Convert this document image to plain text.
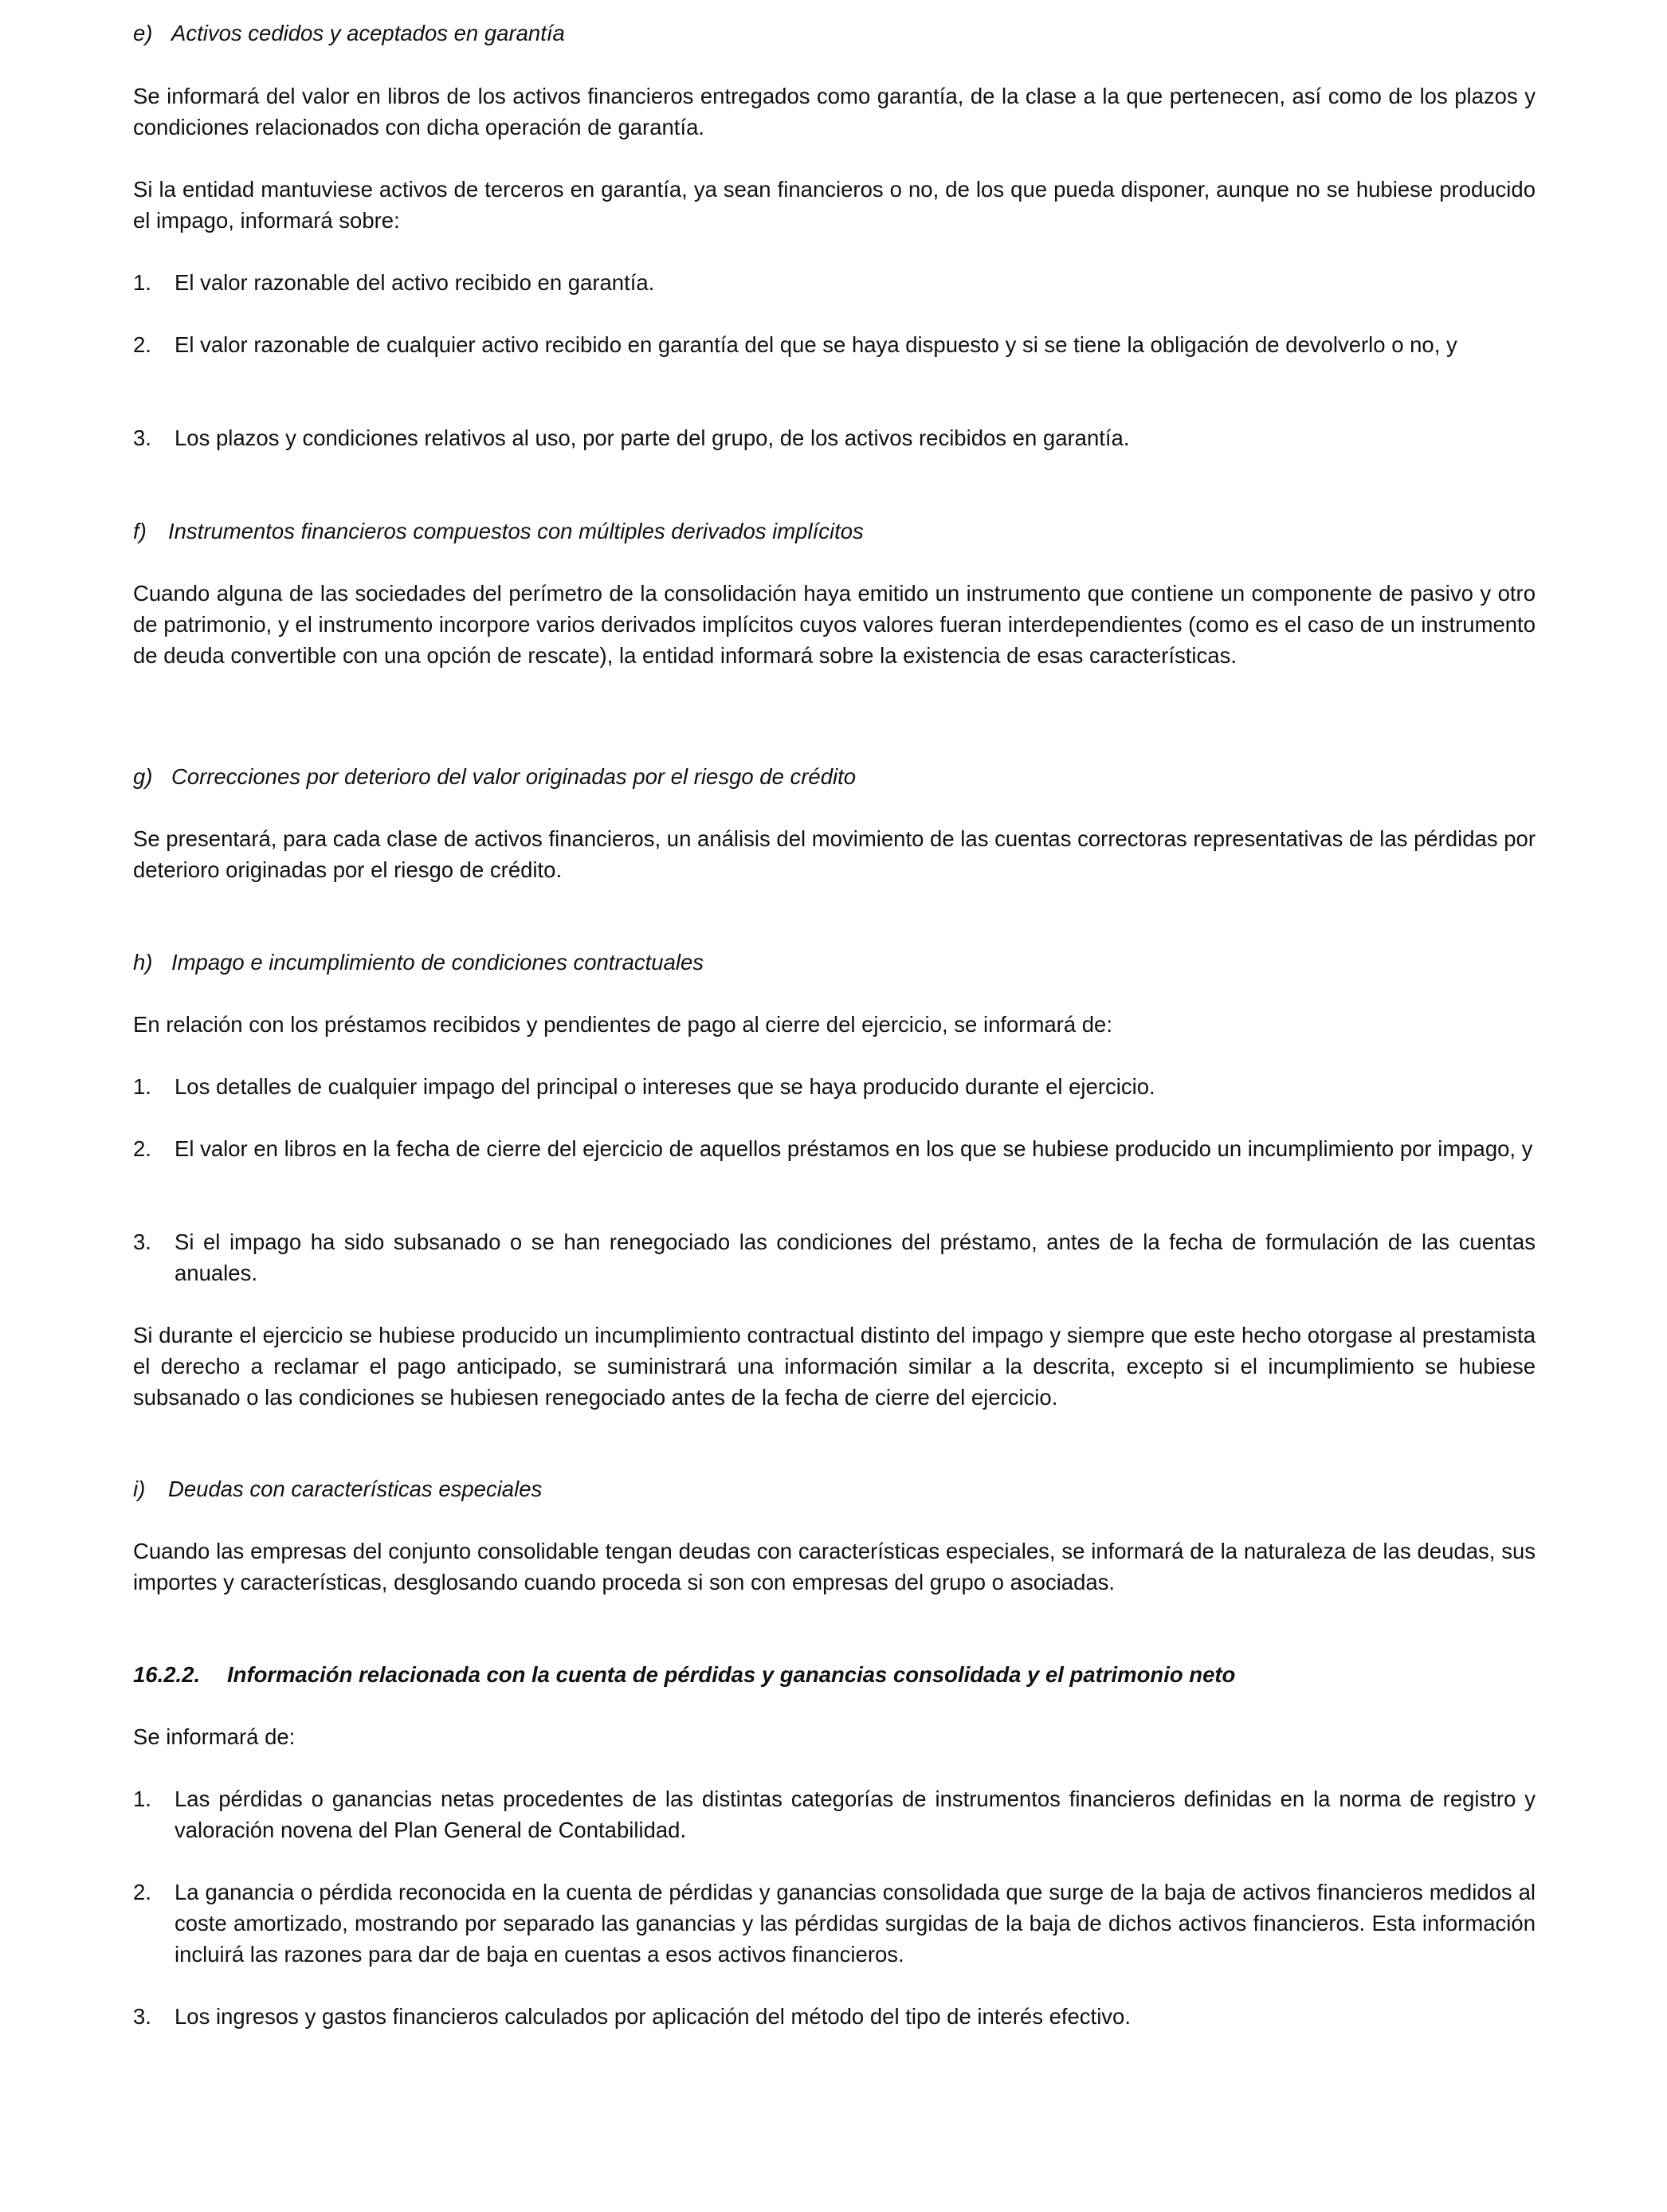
e) Activos cedidos y aceptados en garantía

Se informará del valor en libros de los activos financieros entregados como garantía, de la clase a la que pertenecen, así como de los plazos y condiciones relacionados con dicha operación de garantía.

Si la entidad mantuviese activos de terceros en garantía, ya sean financieros o no, de los que pueda disponer, aunque no se hubiese producido el impago, informará sobre:

1. El valor razonable del activo recibido en garantía.
2. El valor razonable de cualquier activo recibido en garantía del que se haya dispuesto y si se tiene la obligación de devolverlo o no, y
3. Los plazos y condiciones relativos al uso, por parte del grupo, de los activos recibidos en garantía.
f) Instrumentos financieros compuestos con múltiples derivados implícitos

Cuando alguna de las sociedades del perímetro de la consolidación haya emitido un instrumento que contiene un componente de pasivo y otro de patrimonio, y el instrumento incorpore varios derivados implícitos cuyos valores fueran interdependientes (como es el caso de un instrumento de deuda convertible con una opción de rescate), la entidad informará sobre la existencia de esas características.

g) Correcciones por deterioro del valor originadas por el riesgo de crédito

Se presentará, para cada clase de activos financieros, un análisis del movimiento de las cuentas correctoras representativas de las pérdidas por deterioro originadas por el riesgo de crédito.

h) Impago e incumplimiento de condiciones contractuales

En relación con los préstamos recibidos y pendientes de pago al cierre del ejercicio, se informará de:

1. Los detalles de cualquier impago del principal o intereses que se haya producido durante el ejercicio.
2. El valor en libros en la fecha de cierre del ejercicio de aquellos préstamos en los que se hubiese producido un incumplimiento por impago, y
3. Si el impago ha sido subsanado o se han renegociado las condiciones del préstamo, antes de la fecha de formulación de las cuentas anuales.

Si durante el ejercicio se hubiese producido un incumplimiento contractual distinto del impago y siempre que este hecho otorgase al prestamista el derecho a reclamar el pago anticipado, se suministrará una información similar a la descrita, excepto si el incumplimiento se hubiese subsanado o las condiciones se hubiesen renegociado antes de la fecha de cierre del ejercicio.

i) Deudas con características especiales

Cuando las empresas del conjunto consolidable tengan deudas con características especiales, se informará de la naturaleza de las deudas, sus importes y características, desglosando cuando proceda si son con empresas del grupo o asociadas.

16.2.2. Información relacionada con la cuenta de pérdidas y ganancias consolidada y el patrimonio neto

Se informará de:

1. Las pérdidas o ganancias netas procedentes de las distintas categorías de instrumentos financieros definidas en la norma de registro y valoración novena del Plan General de Contabilidad.
2. La ganancia o pérdida reconocida en la cuenta de pérdidas y ganancias consolidada que surge de la baja de activos financieros medidos al coste amortizado, mostrando por separado las ganancias y las pérdidas surgidas de la baja de dichos activos financieros. Esta información incluirá las razones para dar de baja en cuentas a esos activos financieros.
3. Los ingresos y gastos financieros calculados por aplicación del método del tipo de interés efectivo.
